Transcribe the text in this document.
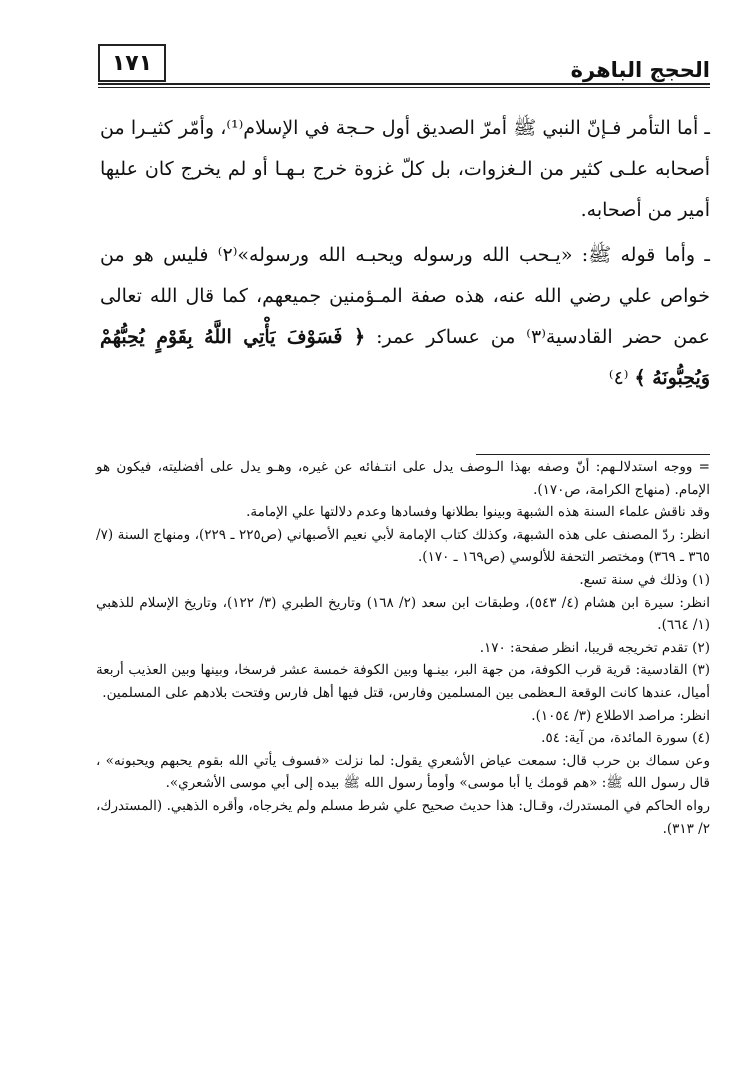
١٧١	الحجج الباهرة

ـ أما التأمر فـإنّ النبي ﷺ أمرّ الصديق أول حـجة في الإسلام⁽¹⁾، وأمّر كثيـرا من أصحابه علـى كثير من الـغزوات، بل كلّ غزوة خرج بـهـا أو لم يخرج كان عليها أمير من أصحابه.

ـ وأما قوله ﷺ: «يـحب الله ورسوله ويحبـه الله ورسوله»⁽٢⁾ فليس هو من خواص علي رضي الله عنه، هذه صفة المـؤمنين جميعهم، كما قال الله تعالى عمن حضر القادسية⁽٣⁾ من عساكر عمر: ﴿ فَسَوْفَ يَأْتِي اللَّهُ بِقَوْمٍ يُحِبُّهُمْ وَيُحِبُّونَهُ ﴾ ⁽٤⁾

= ووجه استدلالـهم: أنّ وصفه بهذا الـوصف يدل على انتـفائه عن غيره، وهـو يدل على أفضليته، فيكون هو الإمام. (منهاج الكرامة، ص١٧٠).

وقد ناقش علماء السنة هذه الشبهة وبينوا بطلانها وفسادها وعدم دلالتها علي الإمامة.

انظر: ردّ المصنف على هذه الشبهة، وكذلك كتاب الإمامة لأبي نعيم الأصبهاني (ص٢٢٥ ـ ٢٢٩)، ومنهاج السنة (٧/ ٣٦٥ ـ ٣٦٩) ومختصر التحفة للألوسي (ص١٦٩ ـ ١٧٠).

(١) وذلك في سنة تسع.

انظر: سيرة ابن هشام (٤/ ٥٤٣)، وطبقات ابن سعد (٢/ ١٦٨) وتاريخ الطبري (٣/ ١٢٢)، وتاريخ الإسلام للذهبي (١/ ٦٦٤).

(٢) تقدم تخريجه قريبا، انظر صفحة: ١٧٠.

(٣) القادسية: قرية قرب الكوفة، من جهة البر، بينـها وبين الكوفة خمسة عشر فرسخا، وبينها وبين العذيب أربعة أميال، عندها كانت الوقعة الـعظمى بين المسلمين وفارس، قتل فيها أهل فارس وفتحت بلادهم على المسلمين.

انظر: مراصد الاطلاع (٣/ ١٠٥٤).

(٤) سورة المائدة، من آية: ٥٤.

وعن سماك بن حرب قال: سمعت عياض الأشعري يقول: لما نزلت «فسوف يأتي الله بقوم يحبهم ويحبونه» ، قال رسول الله ﷺ: «هم قومك يا أبا موسى» وأومأ رسول الله ﷺ بيده إلى أبي موسى الأشعري».

رواه الحاكم في المستدرك، وقـال: هذا حديث صحيح علي شرط مسلم ولم يخرجاه، وأقره الذهبي. (المستدرك، ٢/ ٣١٣).
